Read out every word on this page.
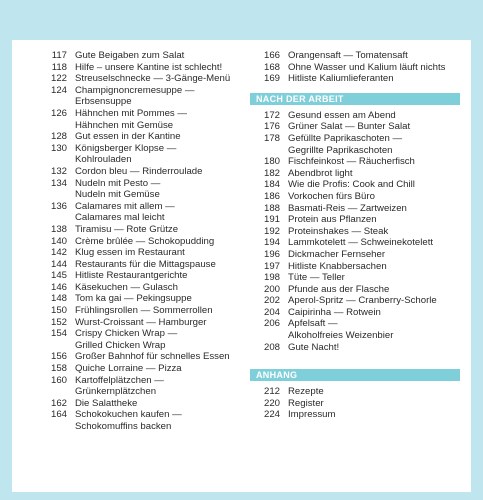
117 Gute Beigaben zum Salat
118 Hilfe – unsere Kantine ist schlecht!
122 Streuselschnecke — 3-Gänge-Menü
124 Champignoncremesuppe —
Erbsensuppe
126 Hähnchen mit Pommes —
Hähnchen mit Gemüse
128 Gut essen in der Kantine
130 Königsberger Klopse —
Kohlrouladen
132 Cordon bleu — Rinderroulade
134 Nudeln mit Pesto —
Nudeln mit Gemüse
136 Calamares mit allem —
Calamares mal leicht
138 Tiramisu — Rote Grütze
140 Crème brûlée — Schokopudding
142 Klug essen im Restaurant
144 Restaurants für die Mittagspause
145 Hitliste Restaurantgerichte
146 Käsekuchen — Gulasch
148 Tom ka gai — Pekingsuppe
150 Frühlingsrollen — Sommerrollen
152 Wurst-Croissant — Hamburger
154 Crispy Chicken Wrap —
Grilled Chicken Wrap
156 Großer Bahnhof für schnelles Essen
158 Quiche Lorraine — Pizza
160 Kartoffelplätzchen —
Grünkernplätzchen
162 Die Salattheke
164 Schokokuchen kaufen —
Schokomuffins backen
166 Orangensaft — Tomatensaft
168 Ohne Wasser und Kalium läuft nichts
169 Hitliste Kaliumlieferanten
NACH DER ARBEIT
172 Gesund essen am Abend
176 Grüner Salat — Bunter Salat
178 Gefüllte Paprikaschoten —
Gegrillte Paprikaschoten
180 Fischfeinkost — Räucherfisch
182 Abendbrot light
184 Wie die Profis: Cook and Chill
186 Vorkochen fürs Büro
188 Basmati-Reis — Zartweizen
191 Protein aus Pflanzen
192 Proteinshakes — Steak
194 Lammkotelett — Schweinekotelett
196 Dickmacher Fernseher
197 Hitliste Knabbersachen
198 Tüte — Teller
200 Pfunde aus der Flasche
202 Aperol-Spritz — Cranberry-Schorle
204 Caipirinha — Rotwein
206 Apfelsaft —
Alkoholfreies Weizenbier
208 Gute Nacht!
ANHANG
212 Rezepte
220 Register
224 Impressum
